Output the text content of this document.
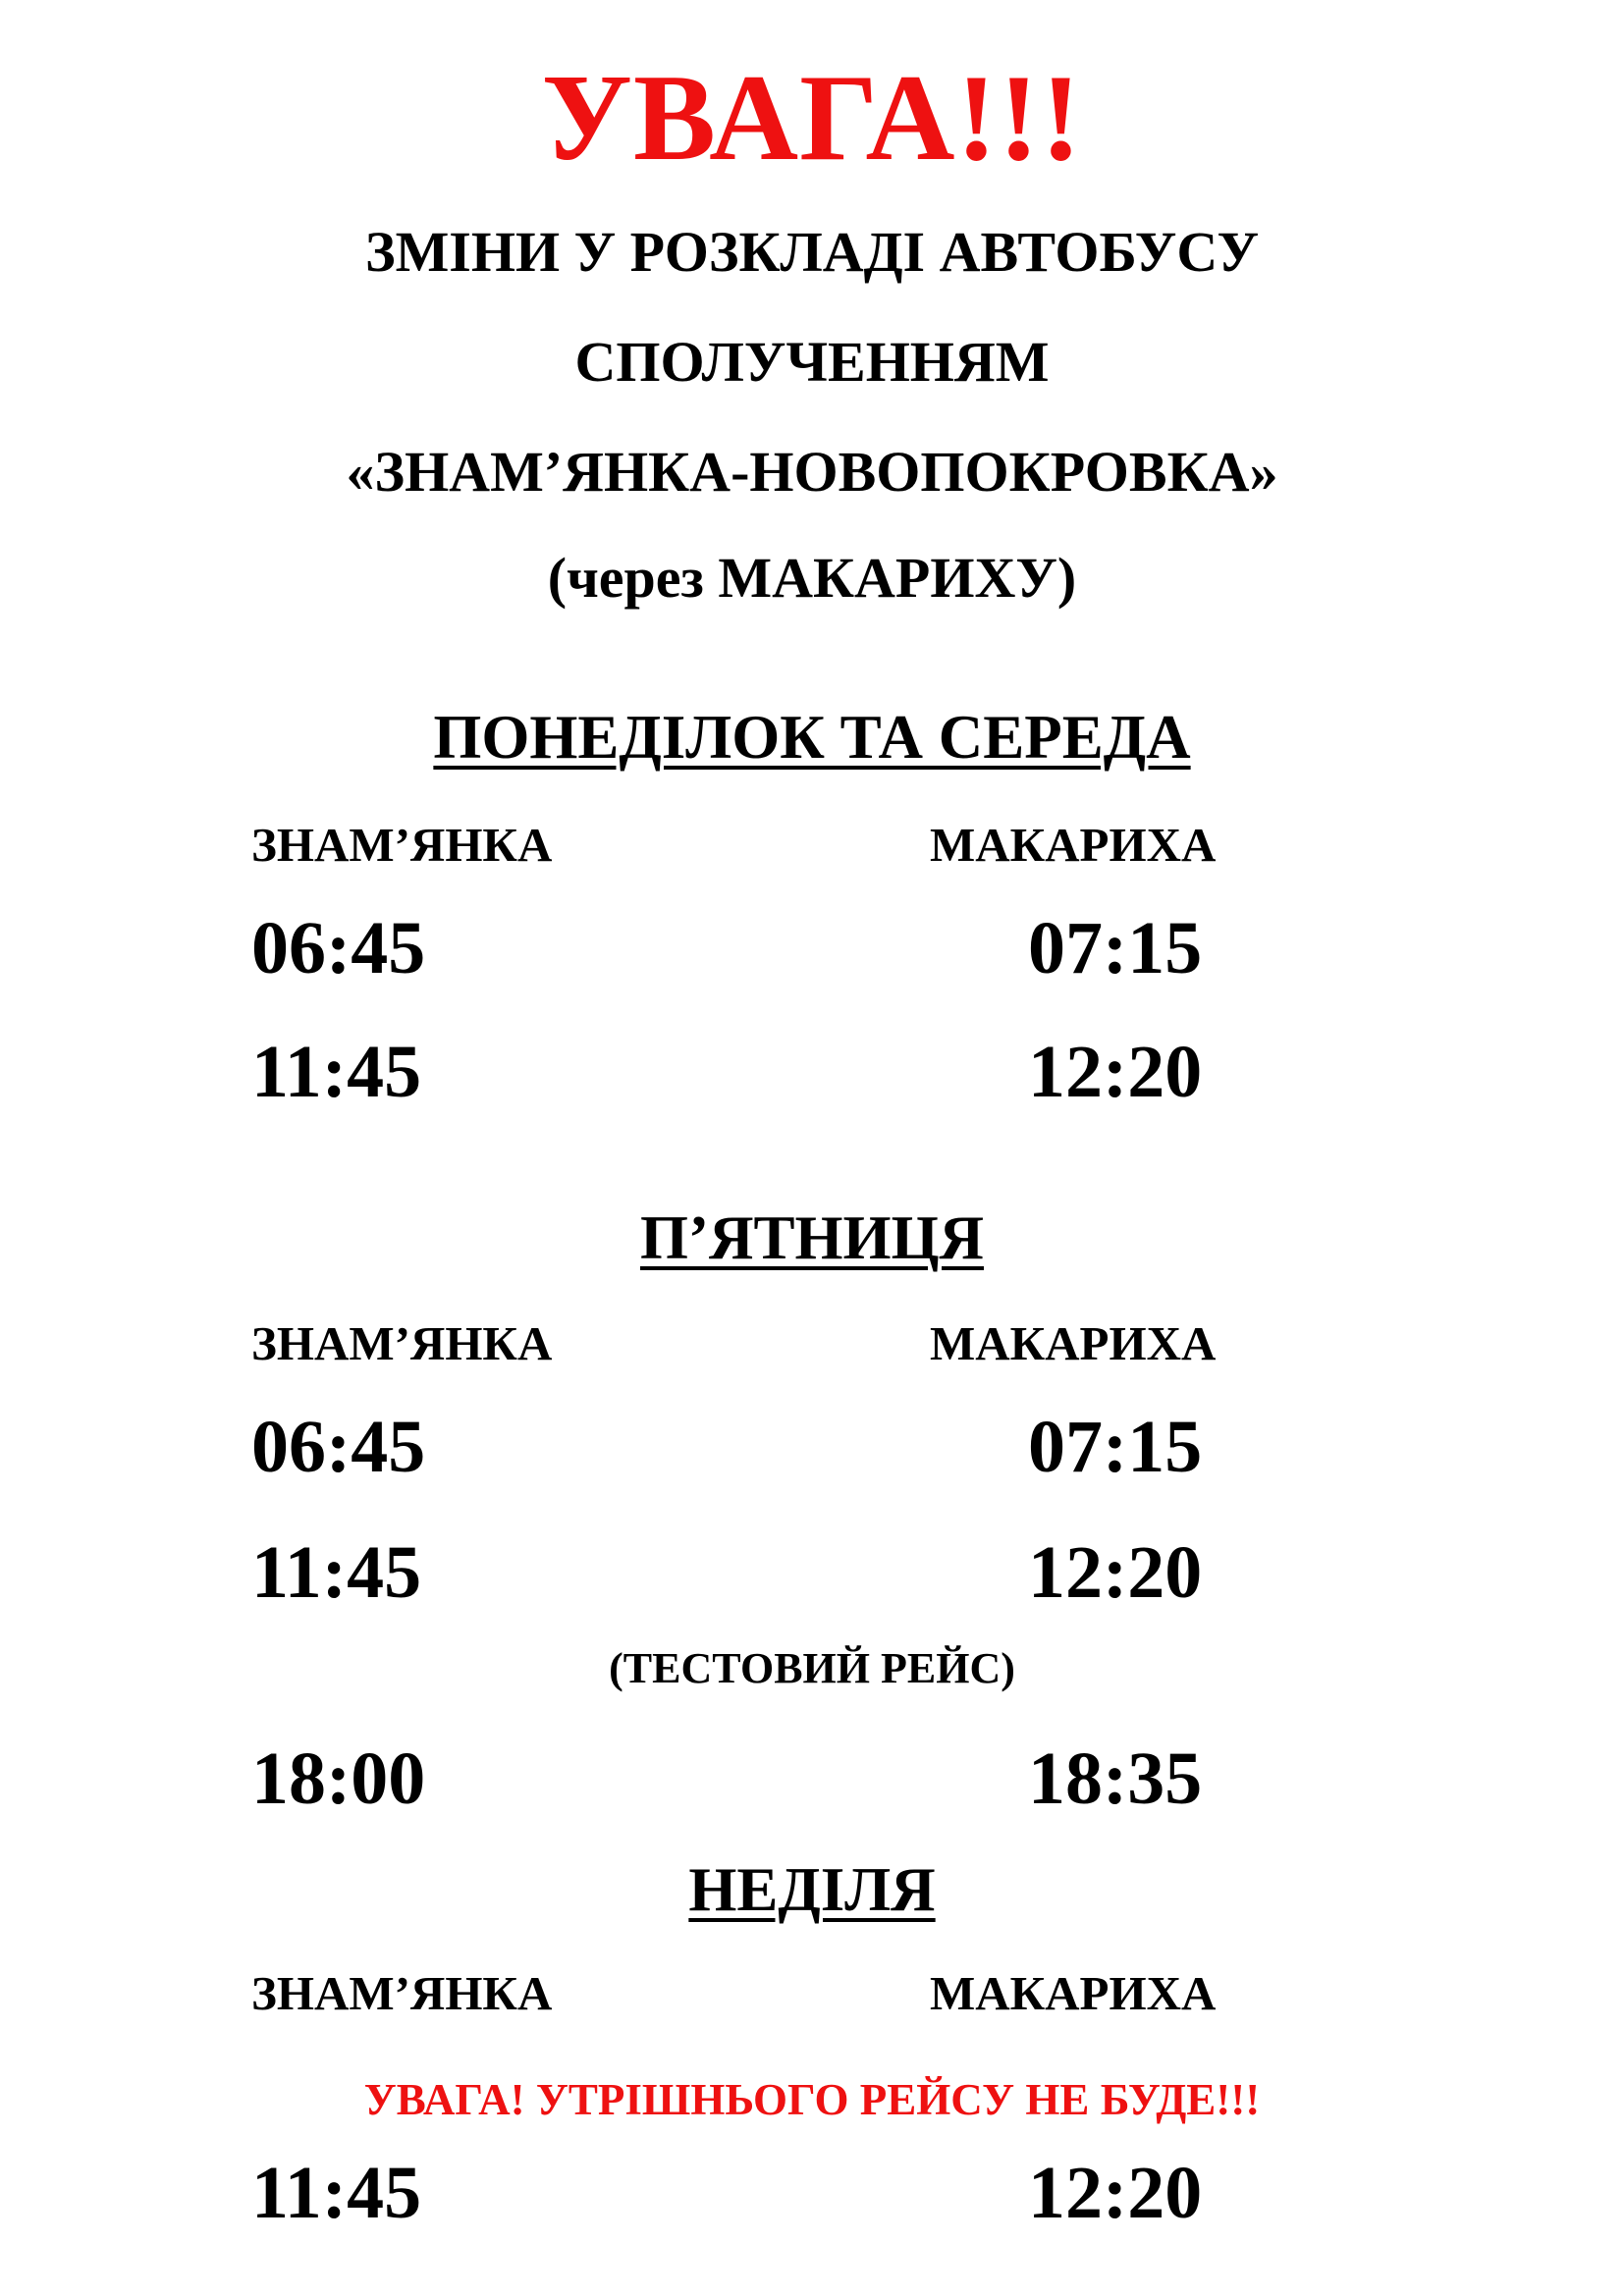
УВАГА!!!
ЗМІНИ У РОЗКЛАДІ АВТОБУСУ
СПОЛУЧЕННЯМ
«ЗНАМ’ЯНКА-НОВОПОКРОВКА»
(через МАКАРИХУ)
ПОНЕДІЛОК ТА СЕРЕДА
ЗНАМ’ЯНКА	МАКАРИХА
06:45	07:15
11:45	12:20
П’ЯТНИЦЯ
ЗНАМ’ЯНКА	МАКАРИХА
06:45	07:15
11:45	12:20
(ТЕСТОВИЙ РЕЙС)
18:00	18:35
НЕДІЛЯ
ЗНАМ’ЯНКА	МАКАРИХА
УВАГА! УТРІШНЬОГО РЕЙСУ НЕ БУДЕ!!!
11:45	12:20
